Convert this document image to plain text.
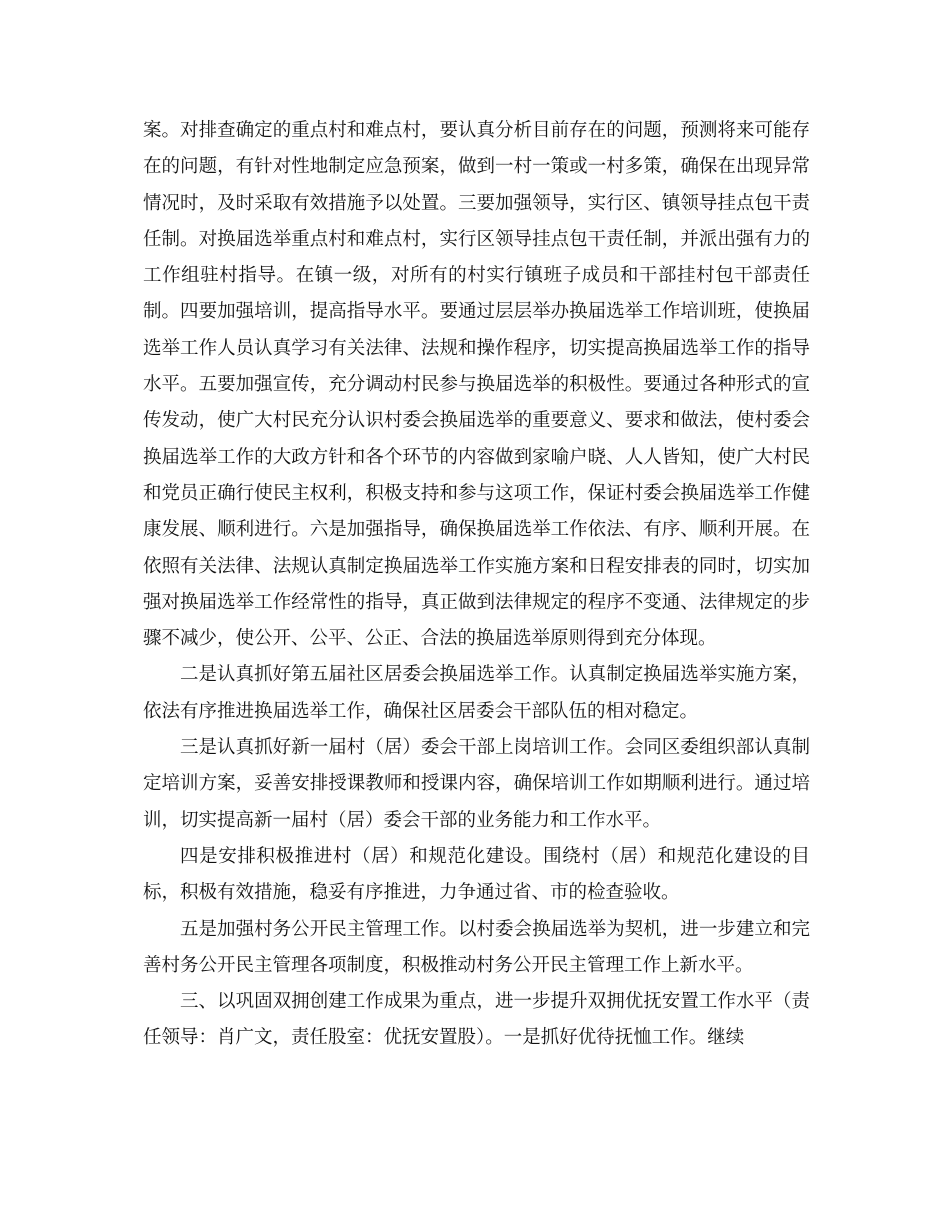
案。对排查确定的重点村和难点村，要认真分析目前存在的问题，预测将来可能存在的问题，有针对性地制定应急预案，做到一村一策或一村多策，确保在出现异常情况时，及时采取有效措施予以处置。三要加强领导，实行区、镇领导挂点包干责任制。对换届选举重点村和难点村，实行区领导挂点包干责任制，并派出强有力的工作组驻村指导。在镇一级，对所有的村实行镇班子成员和干部挂村包干部责任制。四要加强培训，提高指导水平。要通过层层举办换届选举工作培训班，使换届选举工作人员认真学习有关法律、法规和操作程序，切实提高换届选举工作的指导水平。五要加强宣传，充分调动村民参与换届选举的积极性。要通过各种形式的宣传发动，使广大村民充分认识村委会换届选举的重要意义、要求和做法，使村委会换届选举工作的大政方针和各个环节的内容做到家喻户晓、人人皆知，使广大村民和党员正确行使民主权利，积极支持和参与这项工作，保证村委会换届选举工作健康发展、顺利进行。六是加强指导，确保换届选举工作依法、有序、顺利开展。在依照有关法律、法规认真制定换届选举工作实施方案和日程安排表的同时，切实加强对换届选举工作经常性的指导，真正做到法律规定的程序不变通、法律规定的步骤不减少，使公开、公平、公正、合法的换届选举原则得到充分体现。

二是认真抓好第五届社区居委会换届选举工作。认真制定换届选举实施方案，依法有序推进换届选举工作，确保社区居委会干部队伍的相对稳定。

三是认真抓好新一届村（居）委会干部上岗培训工作。会同区委组织部认真制定培训方案，妥善安排授课教师和授课内容，确保培训工作如期顺利进行。通过培训，切实提高新一届村（居）委会干部的业务能力和工作水平。

四是安排积极推进村（居）和规范化建设。围绕村（居）和规范化建设的目标，积极有效措施，稳妥有序推进，力争通过省、市的检查验收。

五是加强村务公开民主管理工作。以村委会换届选举为契机，进一步建立和完善村务公开民主管理各项制度，积极推动村务公开民主管理工作上新水平。

三、以巩固双拥创建工作成果为重点，进一步提升双拥优抚安置工作水平（责任领导：肖广文，责任股室：优抚安置股）。一是抓好优待抚恤工作。继续
